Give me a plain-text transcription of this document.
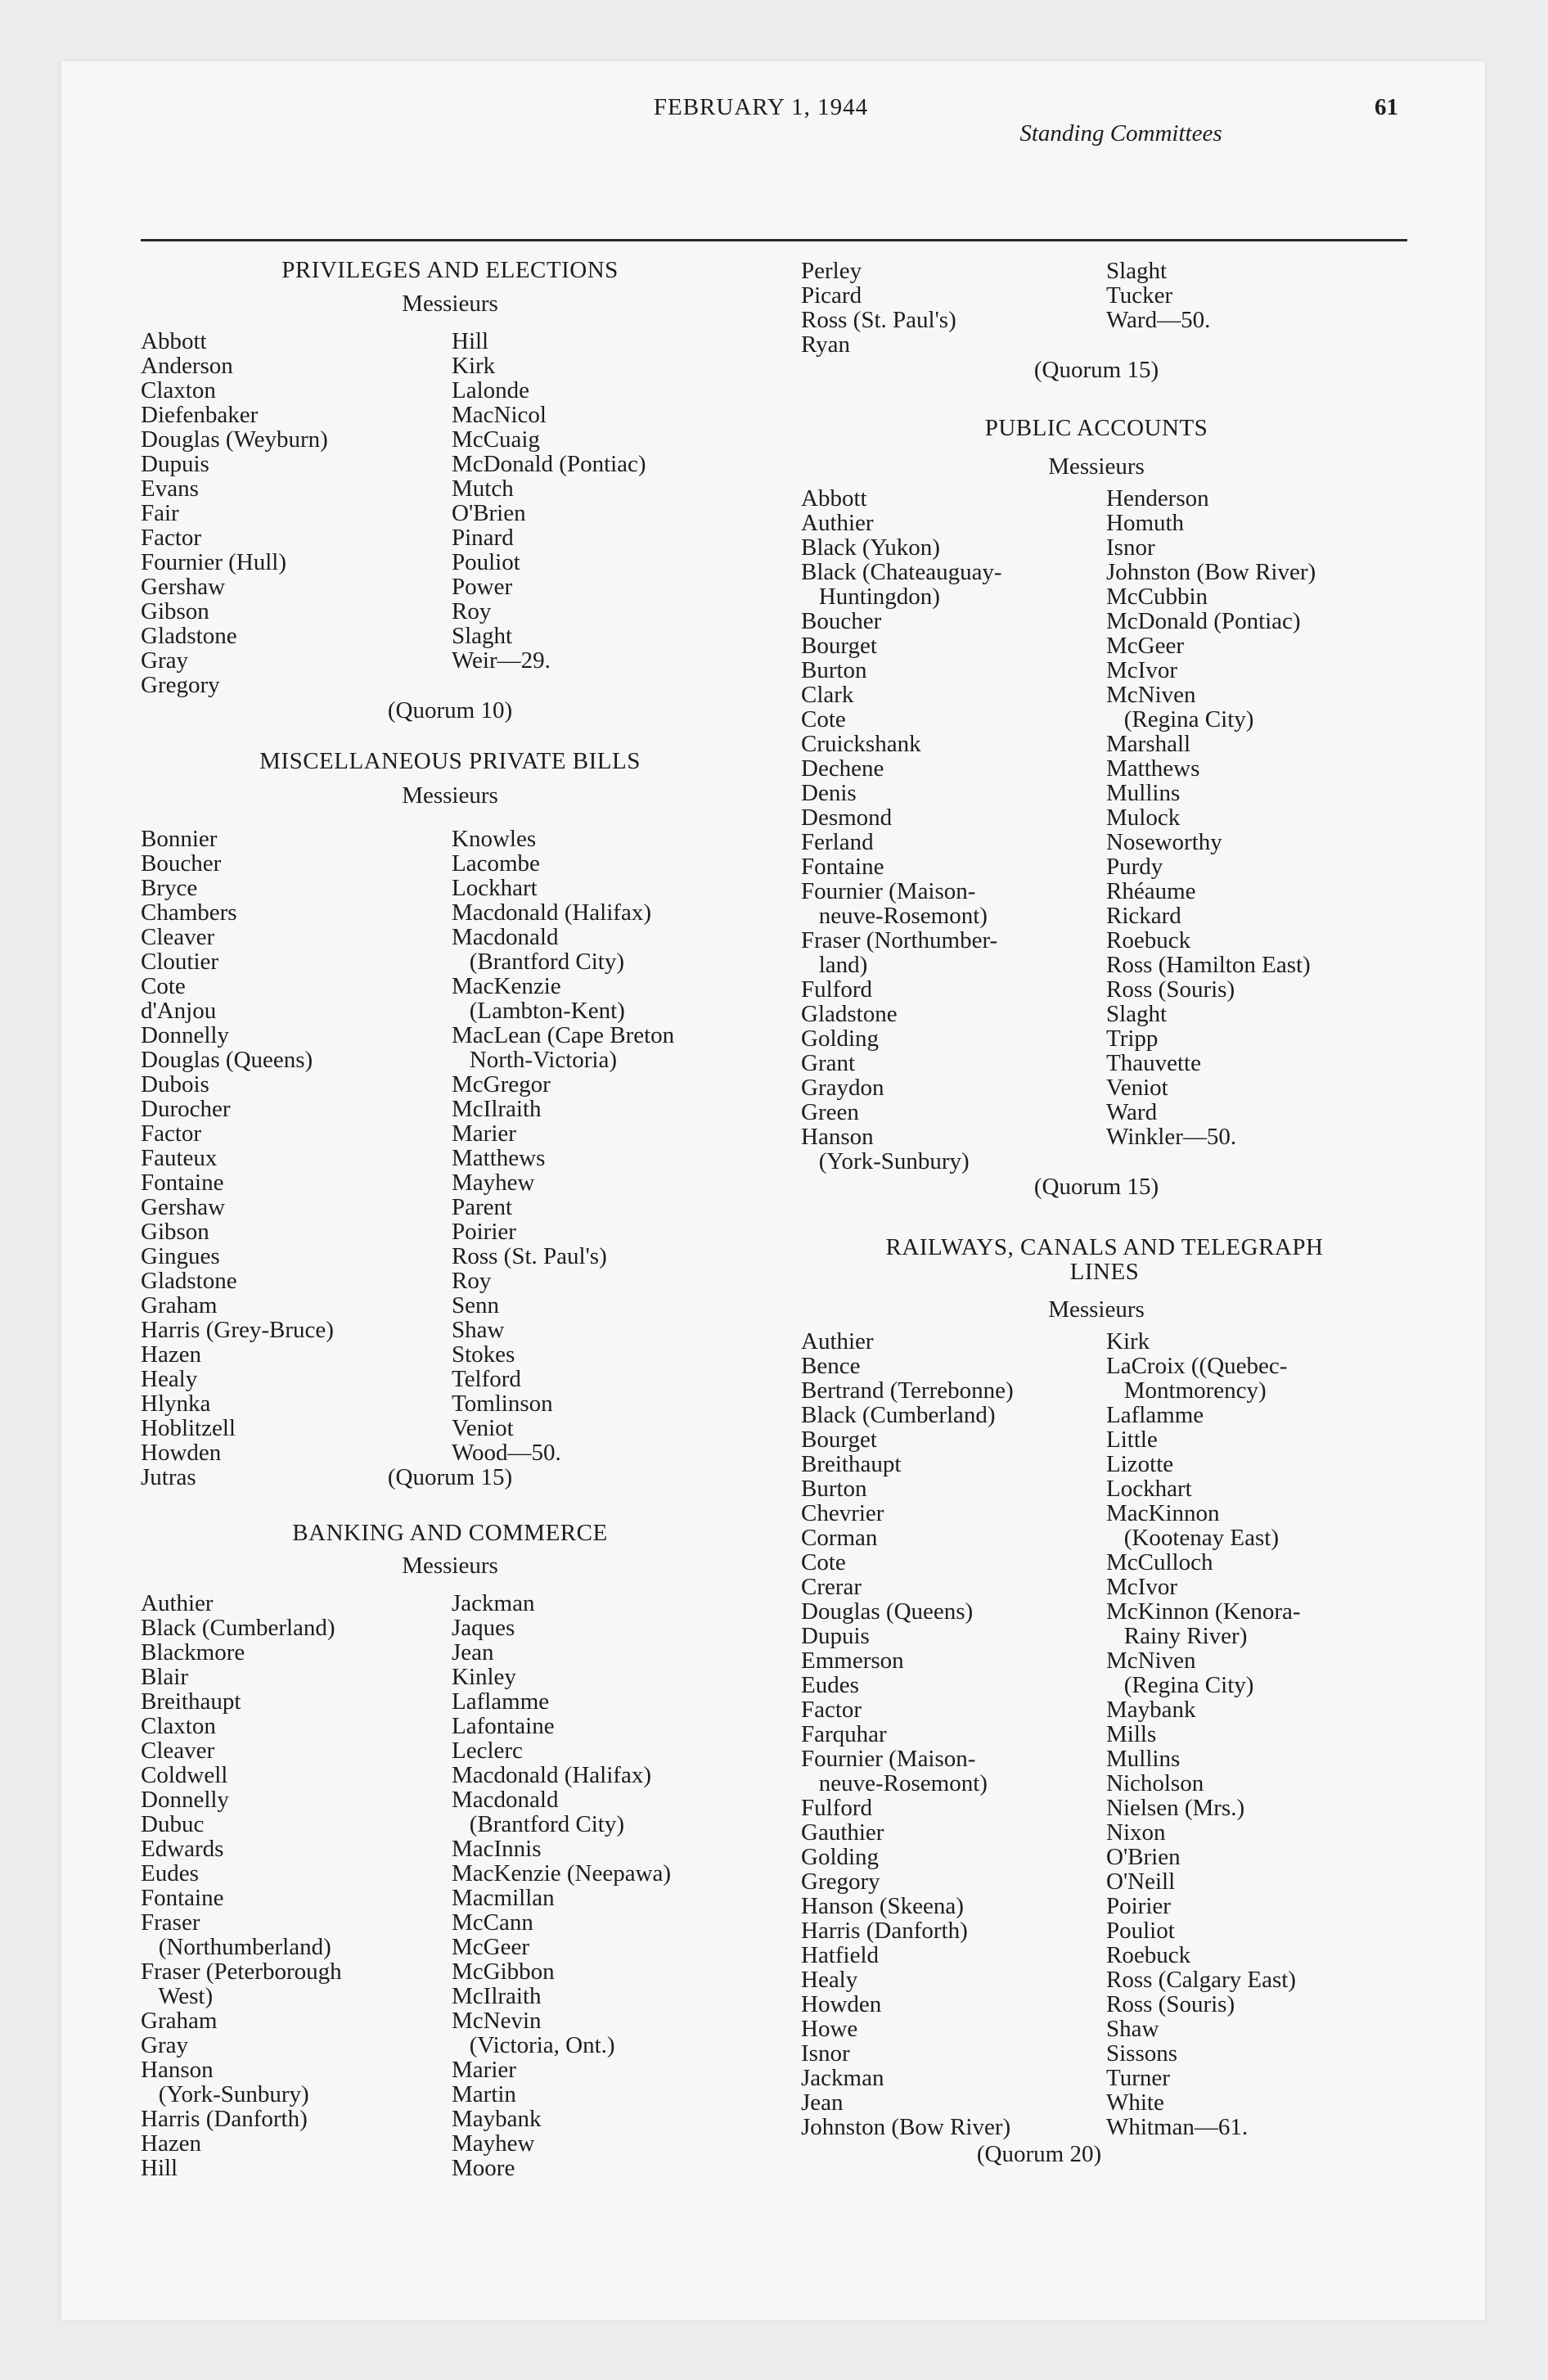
FEBRUARY 1, 1944	61
Standing Committees
PRIVILEGES AND ELECTIONS
Messieurs
Abbott
Anderson
Claxton
Diefenbaker
Douglas (Weyburn)
Dupuis
Evans
Fair
Factor
Fournier (Hull)
Gershaw
Gibson
Gladstone
Gray
Gregory
Hill
Kirk
Lalonde
MacNicol
McCuaig
McDonald (Pontiac)
Mutch
O'Brien
Pinard
Pouliot
Power
Roy
Slaght
Weir—29.
(Quorum 10)
MISCELLANEOUS PRIVATE BILLS
Messieurs
Bonnier
Boucher
Bryce
Chambers
Cleaver
Cloutier
Cote
d'Anjou
Donnelly
Douglas (Queens)
Dubois
Durocher
Factor
Fauteux
Fontaine
Gershaw
Gibson
Gingues
Gladstone
Graham
Harris (Grey-Bruce)
Hazen
Healy
Hlynka
Hoblitzell
Howden
Jutras
Knowles
Lacombe
Lockhart
Macdonald (Halifax)
Macdonald
(Brantford City)
MacKenzie
(Lambton-Kent)
MacLean (Cape Breton
North-Victoria)
McGregor
McIlraith
Marier
Matthews
Mayhew
Parent
Poirier
Ross (St. Paul's)
Roy
Senn
Shaw
Stokes
Telford
Tomlinson
Veniot
Wood—50.
(Quorum 15)
BANKING AND COMMERCE
Messieurs
Authier
Black (Cumberland)
Blackmore
Blair
Breithaupt
Claxton
Cleaver
Coldwell
Donnelly
Dubuc
Edwards
Eudes
Fontaine
Fraser
(Northumberland)
Fraser (Peterborough
West)
Graham
Gray
Hanson
(York-Sunbury)
Harris (Danforth)
Hazen
Hill
Jackman
Jaques
Jean
Kinley
Laflamme
Lafontaine
Leclerc
Macdonald (Halifax)
Macdonald
(Brantford City)
MacInnis
MacKenzie (Neepawa)
Macmillan
McCann
McGeer
McGibbon
McIlraith
McNevin
(Victoria, Ont.)
Marier
Martin
Maybank
Mayhew
Moore
Perley
Picard
Ross (St. Paul's)
Ryan
Slaght
Tucker
Ward—50.
(Quorum 15)
PUBLIC ACCOUNTS
Messieurs
Abbott
Authier
Black (Yukon)
Black (Chateauguay-
Huntingdon)
Boucher
Bourget
Burton
Clark
Cote
Cruickshank
Dechene
Denis
Desmond
Ferland
Fontaine
Fournier (Maison-
neuve-Rosemont)
Fraser (Northumber-
land)
Fulford
Gladstone
Golding
Grant
Graydon
Green
Hanson
(York-Sunbury)
Henderson
Homuth
Isnor
Johnston (Bow River)
McCubbin
McDonald (Pontiac)
McGeer
McIvor
McNiven
(Regina City)
Marshall
Matthews
Mullins
Mulock
Noseworthy
Purdy
Rhéaume
Rickard
Roebuck
Ross (Hamilton East)
Ross (Souris)
Slaght
Tripp
Thauvette
Veniot
Ward
Winkler—50.
(Quorum 15)
RAILWAYS, CANALS AND TELEGRAPH
LINES
Messieurs
Authier
Bence
Bertrand (Terrebonne)
Black (Cumberland)
Bourget
Breithaupt
Burton
Chevrier
Corman
Cote
Crerar
Douglas (Queens)
Dupuis
Emmerson
Eudes
Factor
Farquhar
Fournier (Maison-
neuve-Rosemont)
Fulford
Gauthier
Golding
Gregory
Hanson (Skeena)
Harris (Danforth)
Hatfield
Healy
Howden
Howe
Isnor
Jackman
Jean
Johnston (Bow River)
Kirk
LaCroix ((Quebec-
Montmorency)
Laflamme
Little
Lizotte
Lockhart
MacKinnon
(Kootenay East)
McCulloch
McIvor
McKinnon (Kenora-
Rainy River)
McNiven
(Regina City)
Maybank
Mills
Mullins
Nicholson
Nielsen (Mrs.)
Nixon
O'Brien
O'Neill
Poirier
Pouliot
Roebuck
Ross (Calgary East)
Ross (Souris)
Shaw
Sissons
Turner
White
Whitman—61.
(Quorum 20)
